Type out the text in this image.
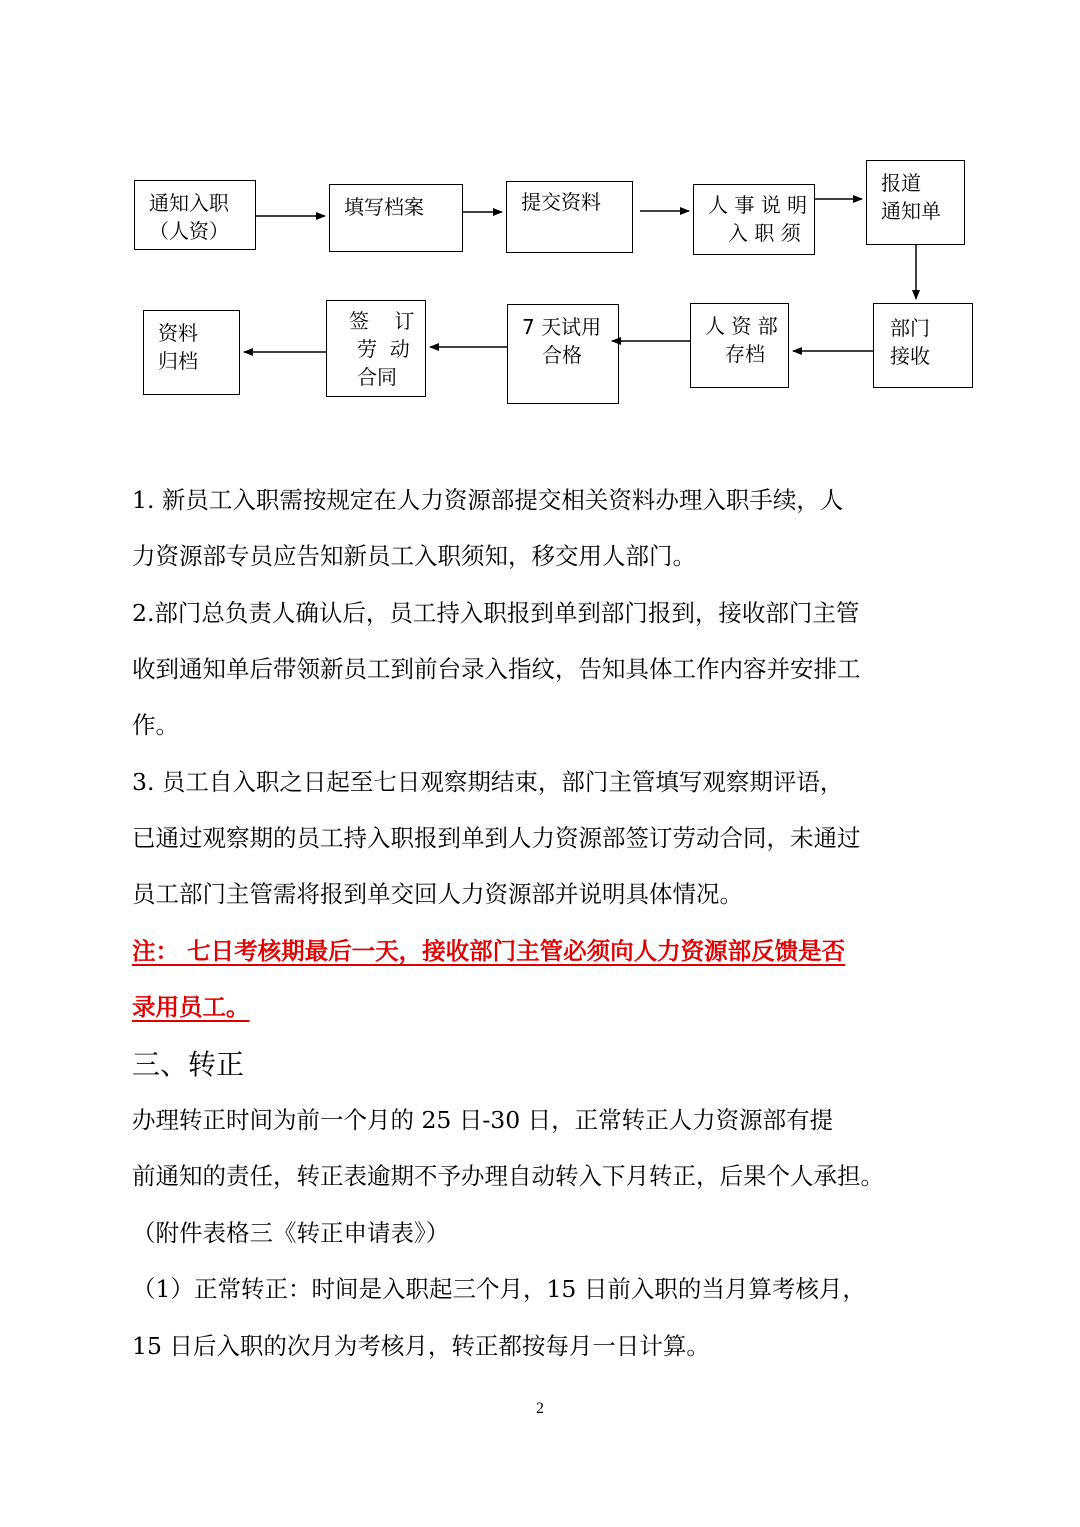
通知入职
（人资）
填写档案	提交资料	人 事 说 明
入 职 须
报道
通知单
部门
接收
人 资 部
存档
7 天试用
合格
签    订
劳  动
合同
资料
归档

1. 新员工入职需按规定在人力资源部提交相关资料办理入职手续，人

力资源部专员应告知新员工入职须知，移交用人部门。

2.部门总负责人确认后，员工持入职报到单到部门报到，接收部门主管

收到通知单后带领新员工到前台录入指纹，告知具体工作内容并安排工

作。

3. 员工自入职之日起至七日观察期结束，部门主管填写观察期评语，

已通过观察期的员工持入职报到单到人力资源部签订劳动合同，未通过

员工部门主管需将报到单交回人力资源部并说明具体情况。

注： 七日考核期最后一天，接收部门主管必须向人力资源部反馈是否

录用员工。

三、转正

办理转正时间为前一个月的 25 日-30 日，正常转正人力资源部有提

前通知的责任，转正表逾期不予办理自动转入下月转正，后果个人承担。

（附件表格三《转正申请表》）

（1）正常转正：时间是入职起三个月，15 日前入职的当月算考核月，

15 日后入职的次月为考核月，转正都按每月一日计算。

2
